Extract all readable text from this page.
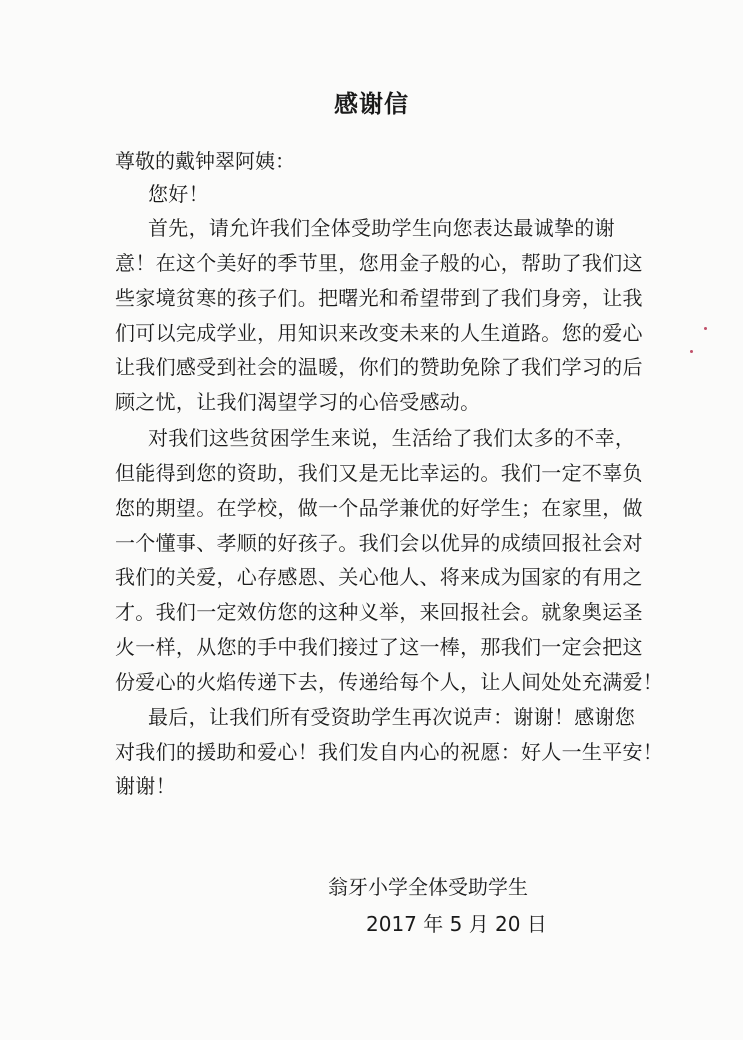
感谢信
尊敬的戴钟翠阿姨：
您好！
首先，请允许我们全体受助学生向您表达最诚挚的谢
意！在这个美好的季节里，您用金子般的心，帮助了我们这
些家境贫寒的孩子们。把曙光和希望带到了我们身旁，让我
们可以完成学业，用知识来改变未来的人生道路。您的爱心
让我们感受到社会的温暖，你们的赞助免除了我们学习的后
顾之忧，让我们渴望学习的心倍受感动。
对我们这些贫困学生来说，生活给了我们太多的不幸，
但能得到您的资助，我们又是无比幸运的。我们一定不辜负
您的期望。在学校，做一个品学兼优的好学生；在家里，做
一个懂事、孝顺的好孩子。我们会以优异的成绩回报社会对
我们的关爱，心存感恩、关心他人、将来成为国家的有用之
才。我们一定效仿您的这种义举，来回报社会。就象奥运圣
火一样，从您的手中我们接过了这一棒，那我们一定会把这
份爱心的火焰传递下去，传递给每个人，让人间处处充满爱！
最后，让我们所有受资助学生再次说声：谢谢！感谢您
对我们的援助和爱心！我们发自内心的祝愿：好人一生平安！
谢谢！
翁牙小学全体受助学生
2017 年 5 月 20 日
